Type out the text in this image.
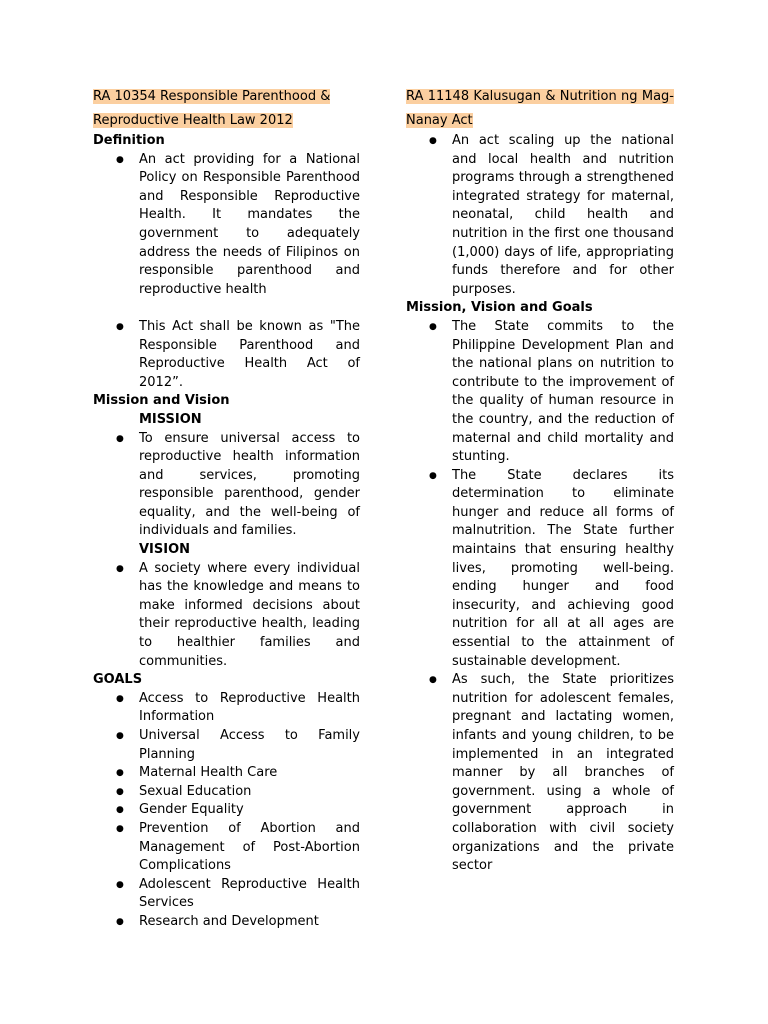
RA 10354 Responsible Parenthood & Reproductive Health Law 2012

Definition

● An act providing for a National Policy on Responsible Parenthood and Responsible Reproductive Health. It mandates the government to adequately address the needs of Filipinos on responsible parenthood and reproductive health
● This Act shall be known as "The Responsible Parenthood and Reproductive Health Act of 2012”.

Mission and Vision

MISSION

● To ensure universal access to reproductive health information and services, promoting responsible parenthood, gender equality, and the well-being of individuals and families.

VISION

● A society where every individual has the knowledge and means to make informed decisions about their reproductive health, leading to healthier families and communities.

GOALS

● Access to Reproductive Health Information
● Universal Access to Family Planning
● Maternal Health Care
● Sexual Education
● Gender Equality
● Prevention of Abortion and Management of Post-Abortion Complications
● Adolescent Reproductive Health Services
● Research and Development

RA 11148 Kalusugan & Nutrition ng Mag-Nanay Act

● An act scaling up the national and local health and nutrition programs through a strengthened integrated strategy for maternal, neonatal, child health and nutrition in the first one thousand (1,000) days of life, appropriating funds therefore and for other purposes.

Mission, Vision and Goals

● The State commits to the Philippine Development Plan and the national plans on nutrition to contribute to the improvement of the quality of human resource in the country, and the reduction of maternal and child mortality and stunting.
● The State declares its determination to eliminate hunger and reduce all forms of malnutrition. The State further maintains that ensuring healthy lives, promoting well-being. ending hunger and food insecurity, and achieving good nutrition for all at all ages are essential to the attainment of sustainable development.
● As such, the State prioritizes nutrition for adolescent females, pregnant and lactating women, infants and young children, to be implemented in an integrated manner by all branches of government. using a whole of government approach in collaboration with civil society organizations and the private sector
